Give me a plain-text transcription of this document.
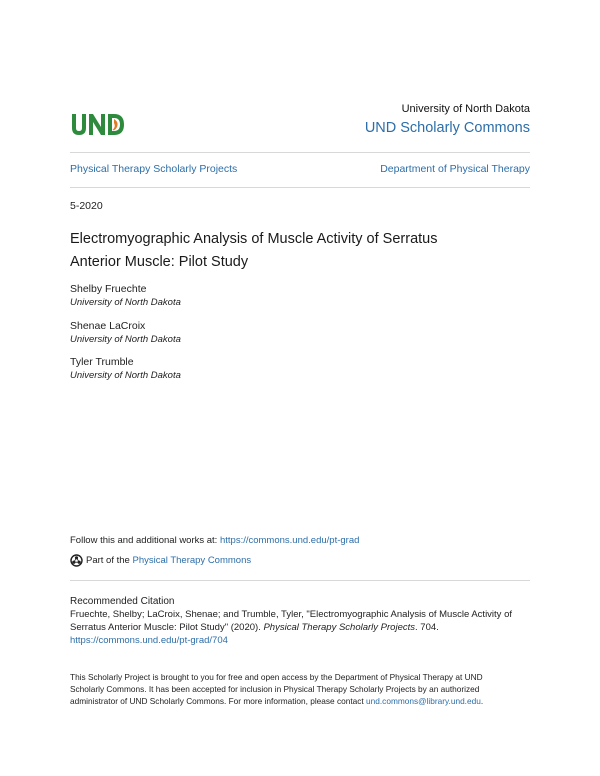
University of North Dakota
UND Scholarly Commons
Physical Therapy Scholarly Projects	Department of Physical Therapy
5-2020
Electromyographic Analysis of Muscle Activity of Serratus
Anterior Muscle: Pilot Study
Shelby Fruechte
University of North Dakota
Shenae LaCroix
University of North Dakota
Tyler Trumble
University of North Dakota
Follow this and additional works at: https://commons.und.edu/pt-grad
Part of the
Physical Therapy Commons
Recommended Citation
Fruechte, Shelby; LaCroix, Shenae; and Trumble, Tyler, "Electromyographic Analysis of Muscle Activity of
Serratus Anterior Muscle: Pilot Study" (2020). Physical Therapy Scholarly Projects. 704.
https://commons.und.edu/pt-grad/704
This Scholarly Project is brought to you for free and open access by the Department of Physical Therapy at UND
Scholarly Commons. It has been accepted for inclusion in Physical Therapy Scholarly Projects by an authorized
administrator of UND Scholarly Commons. For more information, please contact und.commons@library.und.edu.
